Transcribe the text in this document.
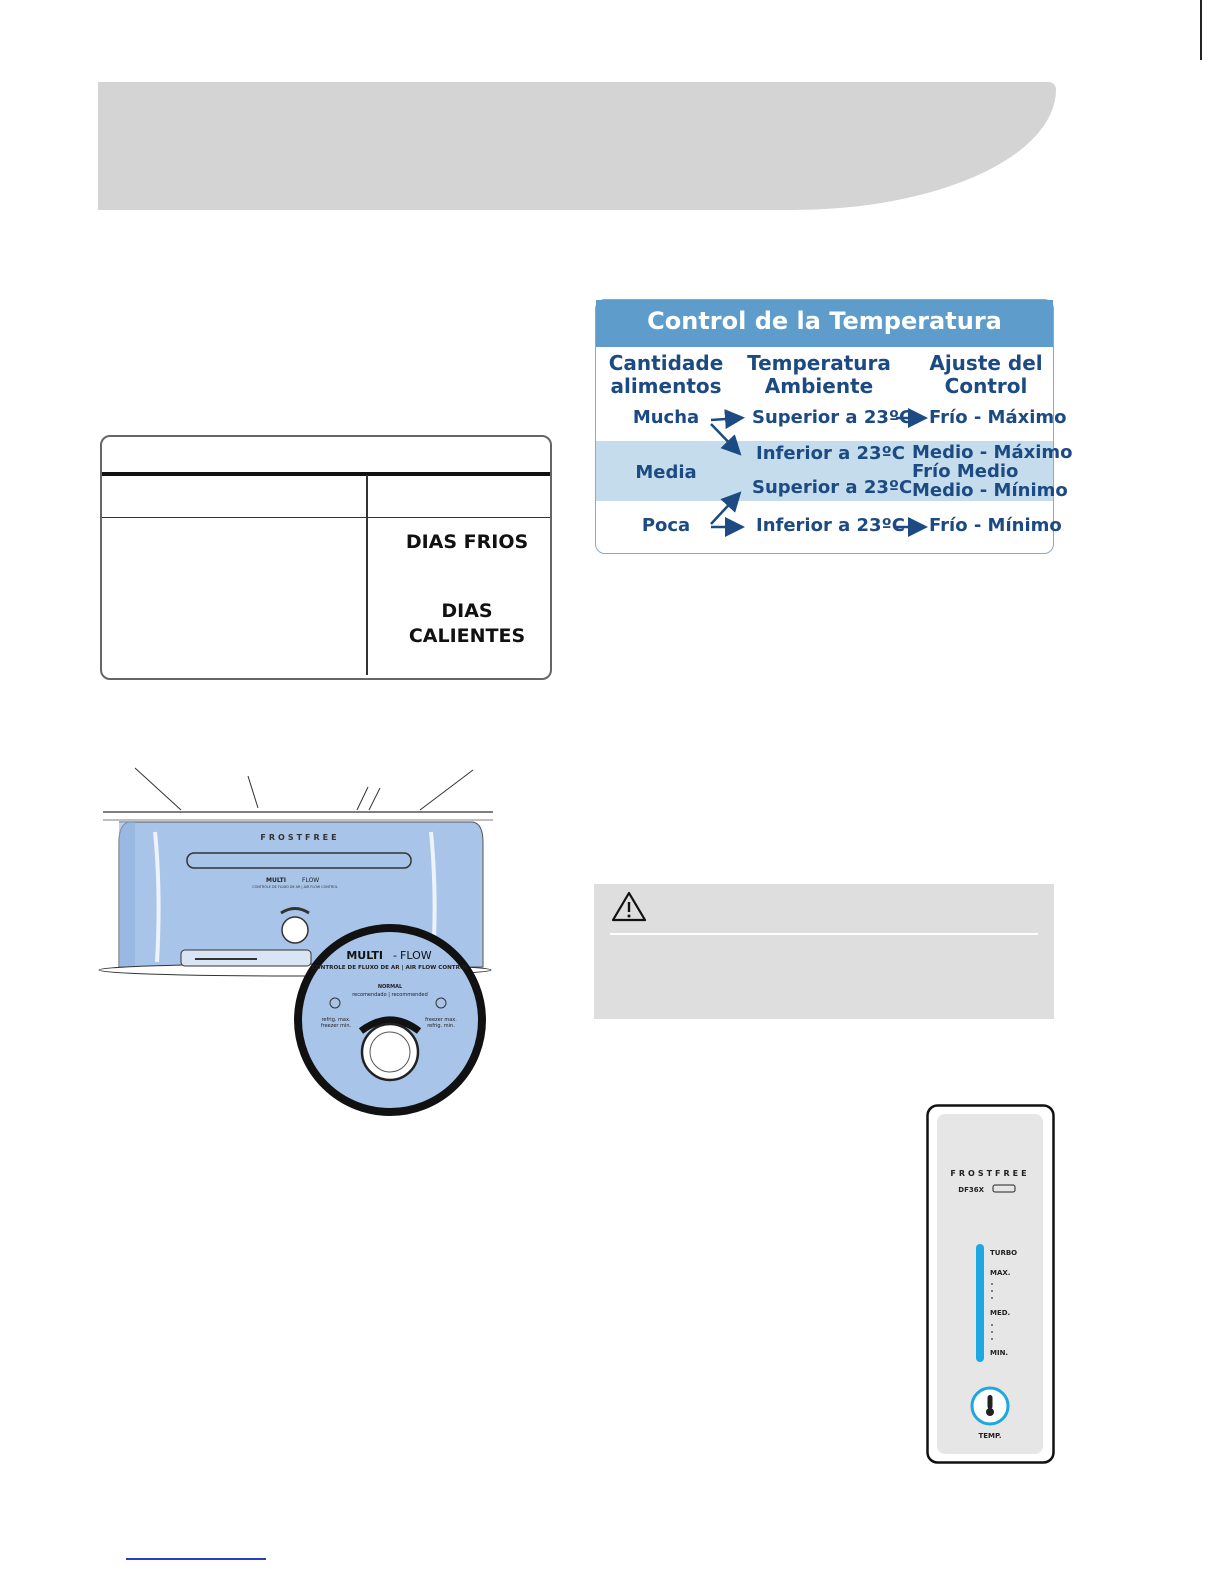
DIAS FRIOS
DIAS
CALIENTES
Control de la Temperatura
Cantidade
alimentos
Temperatura
Ambiente
Ajuste del
Control
Mucha
Media
Poca
Superior a 23ºC
Inferior a 23ºC
Superior a 23ºC
Inferior a 23ºC
Frío - Máximo
Medio - Máximo
Frío Medio
Medio - Mínimo
Frío - Mínimo
FROSTFREE
MULTI	FLOW
CONTROLE DE FLUXO DE AR | AIR FLOW CONTROL
MULTI - FLOW
CONTROLE DE FLUXO DE AR | AIR FLOW CONTROL
NORMAL
recomendado | recommended
refrig. max.
freezer min.
freezer max.
refrig. min.
FROSTFREE
DF36X
TURBO
MAX.
MED.
MIN.
TEMP.
